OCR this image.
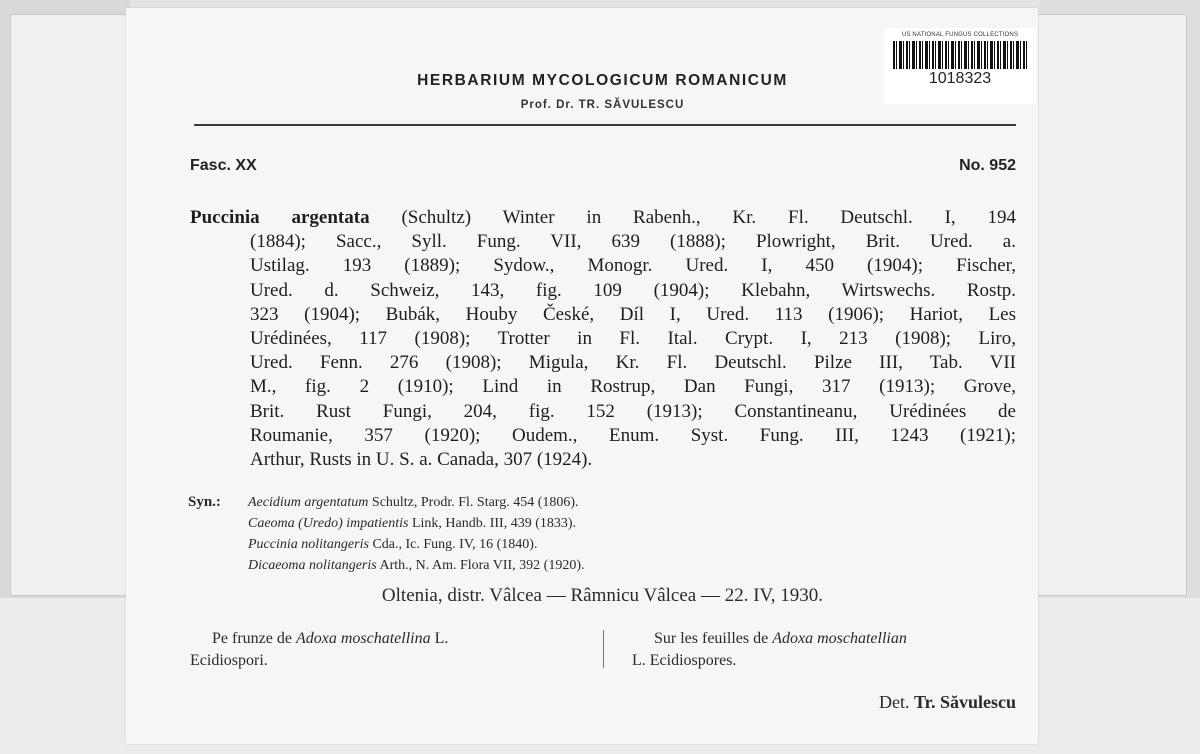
US NATIONAL FUNGUS COLLECTIONS
1018323
HERBARIUM MYCOLOGICUM ROMANICUM
Prof. Dr. TR. SĂVULESCU
Fasc. XX	No. 952
Puccinia argentata (Schultz) Winter in Rabenh., Kr. Fl. Deutschl. I, 194
(1884); Sacc., Syll. Fung. VII, 639 (1888); Plowright, Brit. Ured. a.
Ustilag. 193 (1889); Sydow., Monogr. Ured. I, 450 (1904); Fischer,
Ured. d. Schweiz, 143, fig. 109 (1904); Klebahn, Wirtswechs. Rostp.
323 (1904); Bubák, Houby České, Díl I, Ured. 113 (1906); Hariot, Les
Urédinées, 117 (1908); Trotter in Fl. Ital. Crypt. I, 213 (1908); Liro,
Ured. Fenn. 276 (1908); Migula, Kr. Fl. Deutschl. Pilze III, Tab. VII
M., fig. 2 (1910); Lind in Rostrup, Dan Fungi, 317 (1913); Grove,
Brit. Rust Fungi, 204, fig. 152 (1913); Constantineanu, Urédinées de
Roumanie, 357 (1920); Oudem., Enum. Syst. Fung. III, 1243 (1921);
Arthur, Rusts in U. S. a. Canada, 307 (1924).
Syn.:	Aecidium argentatum Schultz, Prodr. Fl. Starg. 454 (1806).
Caeoma (Uredo) impatientis Link, Handb. III, 439 (1833).
Puccinia nolitangeris Cda., Ic. Fung. IV, 16 (1840).
Dicaeoma nolitangeris Arth., N. Am. Flora VII, 392 (1920).
Oltenia, distr. Vâlcea — Râmnicu Vâlcea — 22. IV, 1930.
Pe frunze de Adoxa moschatellina L.
Ecidiospori.
Sur les feuilles de Adoxa moschatellian
L. Ecidiospores.
Det. Tr. Săvulescu
